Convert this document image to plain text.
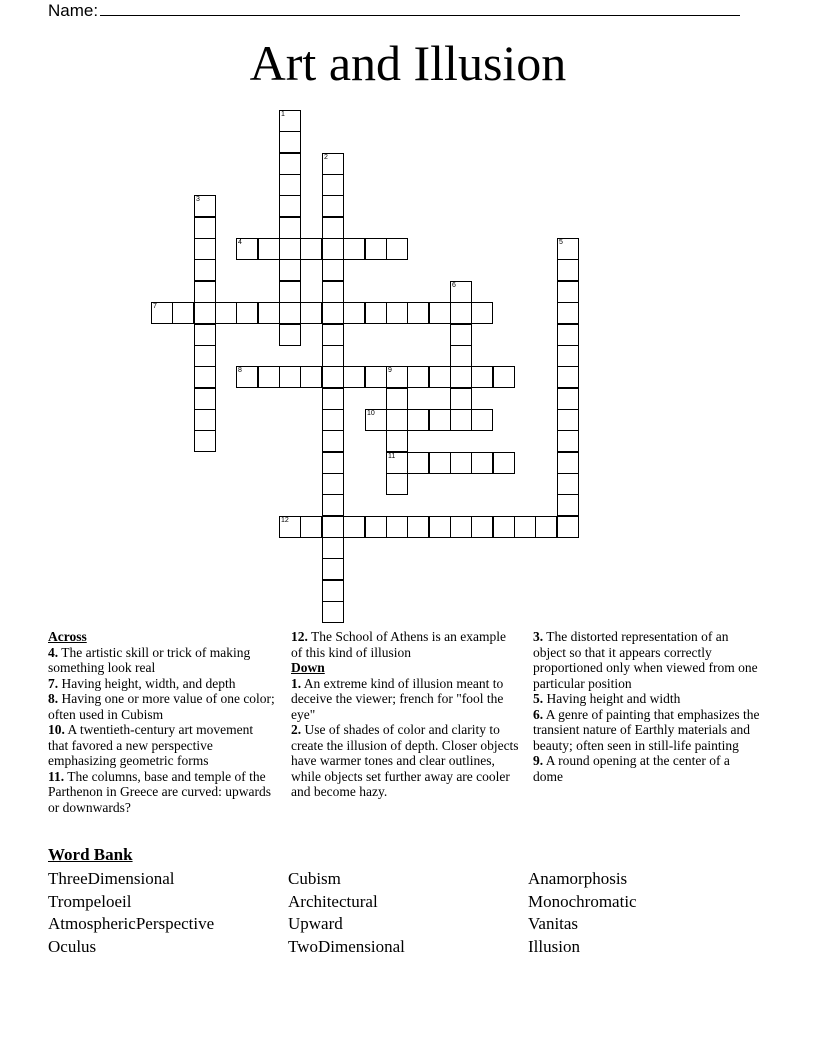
Name:
Art and Illusion
1
2
3
4	5
6
7
8	9
11
10
12
Across
4. The artistic skill or trick of making something look real
7. Having height, width, and depth
8. Having one or more value of one color; often used in Cubism
10. A twentieth-century art movement that favored a new perspective emphasizing geometric forms
11. The columns, base and temple of the Parthenon in Greece are curved: upwards or downwards?
12. The School of Athens is an example of this kind of illusion
Down
1. An extreme kind of illusion meant to deceive the viewer; french for "fool the eye"
2. Use of shades of color and clarity to create the illusion of depth. Closer objects have warmer tones and clear outlines, while objects set further away are cooler and become hazy.
3. The distorted representation of an object so that it appears correctly proportioned only when viewed from one particular position
5. Having height and width
6. A genre of painting that emphasizes the transient nature of Earthly materials and beauty; often seen in still-life painting
9. A round opening at the center of a dome
Word Bank
ThreeDimensional
Trompeloeil
AtmosphericPerspective
Oculus
Cubism
Architectural
Upward
TwoDimensional
Anamorphosis
Monochromatic
Vanitas
Illusion
